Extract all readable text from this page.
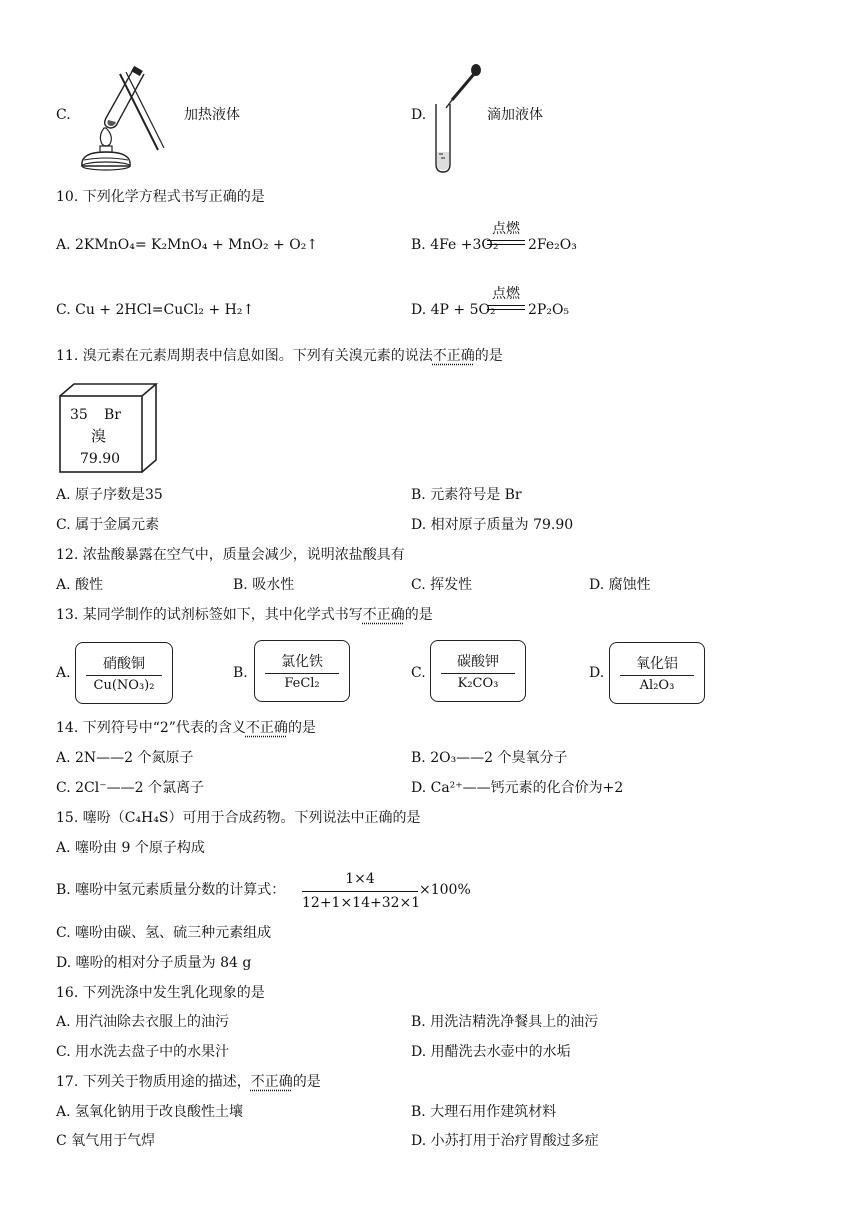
C.	加热液体	D.	滴加液体
10. 下列化学方程式书写正确的是
A. 2KMnO₄= K₂MnO₄ + MnO₂ + O₂↑	B. 4Fe +3O₂
点燃
2Fe₂O₃
C. Cu + 2HCl=CuCl₂ + H₂↑	D. 4P + 5O₂
点燃
2P₂O₅
11. 溴元素在元素周期表中信息如图。下列有关溴元素的说法不正确的是
35 Br
溴
79.90
A. 原子序数是35	B. 元素符号是 Br
C. 属于金属元素	D. 相对原子质量为 79.90
12. 浓盐酸暴露在空气中，质量会减少，说明浓盐酸具有
A. 酸性	B. 吸水性	C. 挥发性	D. 腐蚀性
13. 某同学制作的试剂标签如下，其中化学式书写不正确的是
A.
硝酸铜
Cu(NO₃)₂
B.
氯化铁
FeCl₂
C.
碳酸钾
K₂CO₃
D.
氧化铝
Al₂O₃
14. 下列符号中“2”代表的含义不正确的是
A. 2N——2 个氮原子	B. 2O₃——2 个臭氧分子
C. 2Cl⁻——2 个氯离子	D. Ca²⁺——钙元素的化合价为+2
15. 噻吩（C₄H₄S）可用于合成药物。下列说法中正确的是
A. 噻吩由 9 个原子构成
B. 噻吩中氢元素质量分数的计算式：
1×4
12+1×14+32×1
×100%
C. 噻吩由碳、氢、硫三种元素组成
D. 噻吩的相对分子质量为 84 g
16. 下列洗涤中发生乳化现象的是
A. 用汽油除去衣服上的油污	B. 用洗洁精洗净餐具上的油污
C. 用水洗去盘子中的水果汁	D. 用醋洗去水壶中的水垢
17. 下列关于物质用途的描述，不正确的是
A. 氢氧化钠用于改良酸性土壤	B. 大理石用作建筑材料
C 氧气用于气焊	D. 小苏打用于治疗胃酸过多症
